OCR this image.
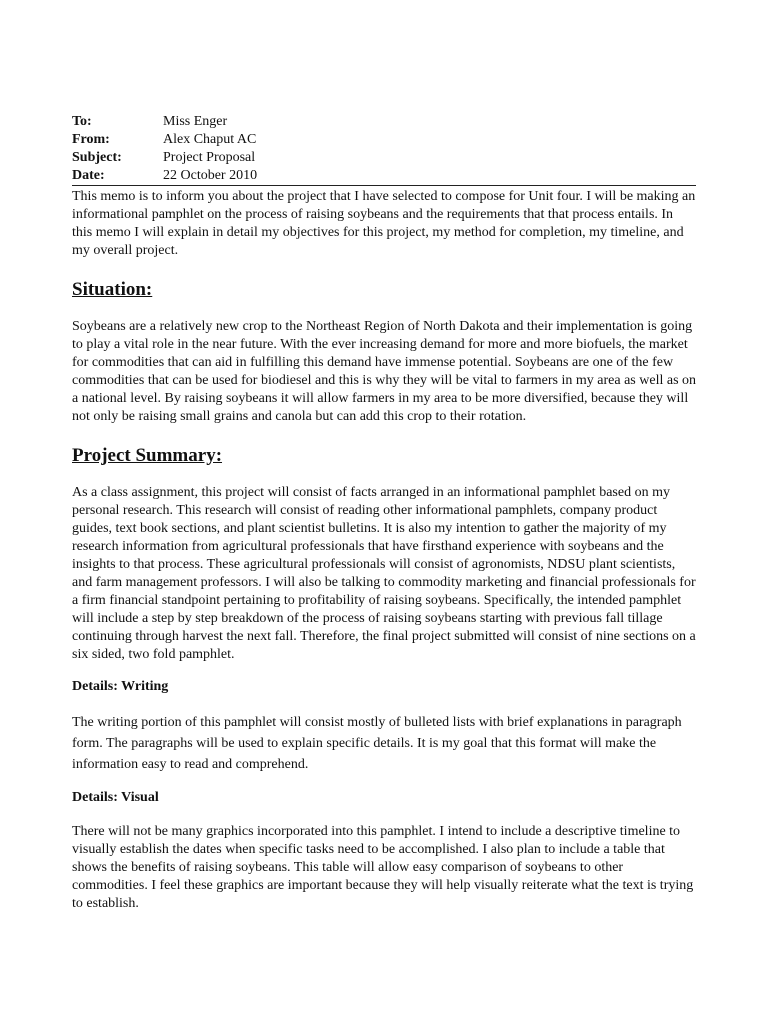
To:	Miss Enger
From:	Alex Chaput AC
Subject:	Project Proposal
Date:	22 October 2010

This memo is to inform you about the project that I have selected to compose for Unit four. I will be making an informational pamphlet on the process of raising soybeans and the requirements that that process entails. In this memo I will explain in detail my objectives for this project, my method for completion, my timeline, and my overall project.

Situation:

Soybeans are a relatively new crop to the Northeast Region of North Dakota and their implementation is going to play a vital role in the near future. With the ever increasing demand for more and more biofuels, the market for commodities that can aid in fulfilling this demand have immense potential. Soybeans are one of the few commodities that can be used for biodiesel and this is why they will be vital to farmers in my area as well as on a national level. By raising soybeans it will allow farmers in my area to be more diversified, because they will not only be raising small grains and canola but can add this crop to their rotation.

Project Summary:

As a class assignment, this project will consist of facts arranged in an informational pamphlet based on my personal research. This research will consist of reading other informational pamphlets, company product guides, text book sections, and plant scientist bulletins. It is also my intention to gather the majority of my research information from agricultural professionals that have firsthand experience with soybeans and the insights to that process. These agricultural professionals will consist of agronomists, NDSU plant scientists, and farm management professors. I will also be talking to commodity marketing and financial professionals for a firm financial standpoint pertaining to profitability of raising soybeans. Specifically, the intended pamphlet will include a step by step breakdown of the process of raising soybeans starting with previous fall tillage continuing through harvest the next fall. Therefore, the final project submitted will consist of nine sections on a six sided, two fold pamphlet.

Details: Writing

The writing portion of this pamphlet will consist mostly of bulleted lists with brief explanations in paragraph form. The paragraphs will be used to explain specific details. It is my goal that this format will make the information easy to read and comprehend.

Details: Visual

There will not be many graphics incorporated into this pamphlet. I intend to include a descriptive timeline to visually establish the dates when specific tasks need to be accomplished. I also plan to include a table that shows the benefits of raising soybeans. This table will allow easy comparison of soybeans to other commodities. I feel these graphics are important because they will help visually reiterate what the text is trying to establish.
